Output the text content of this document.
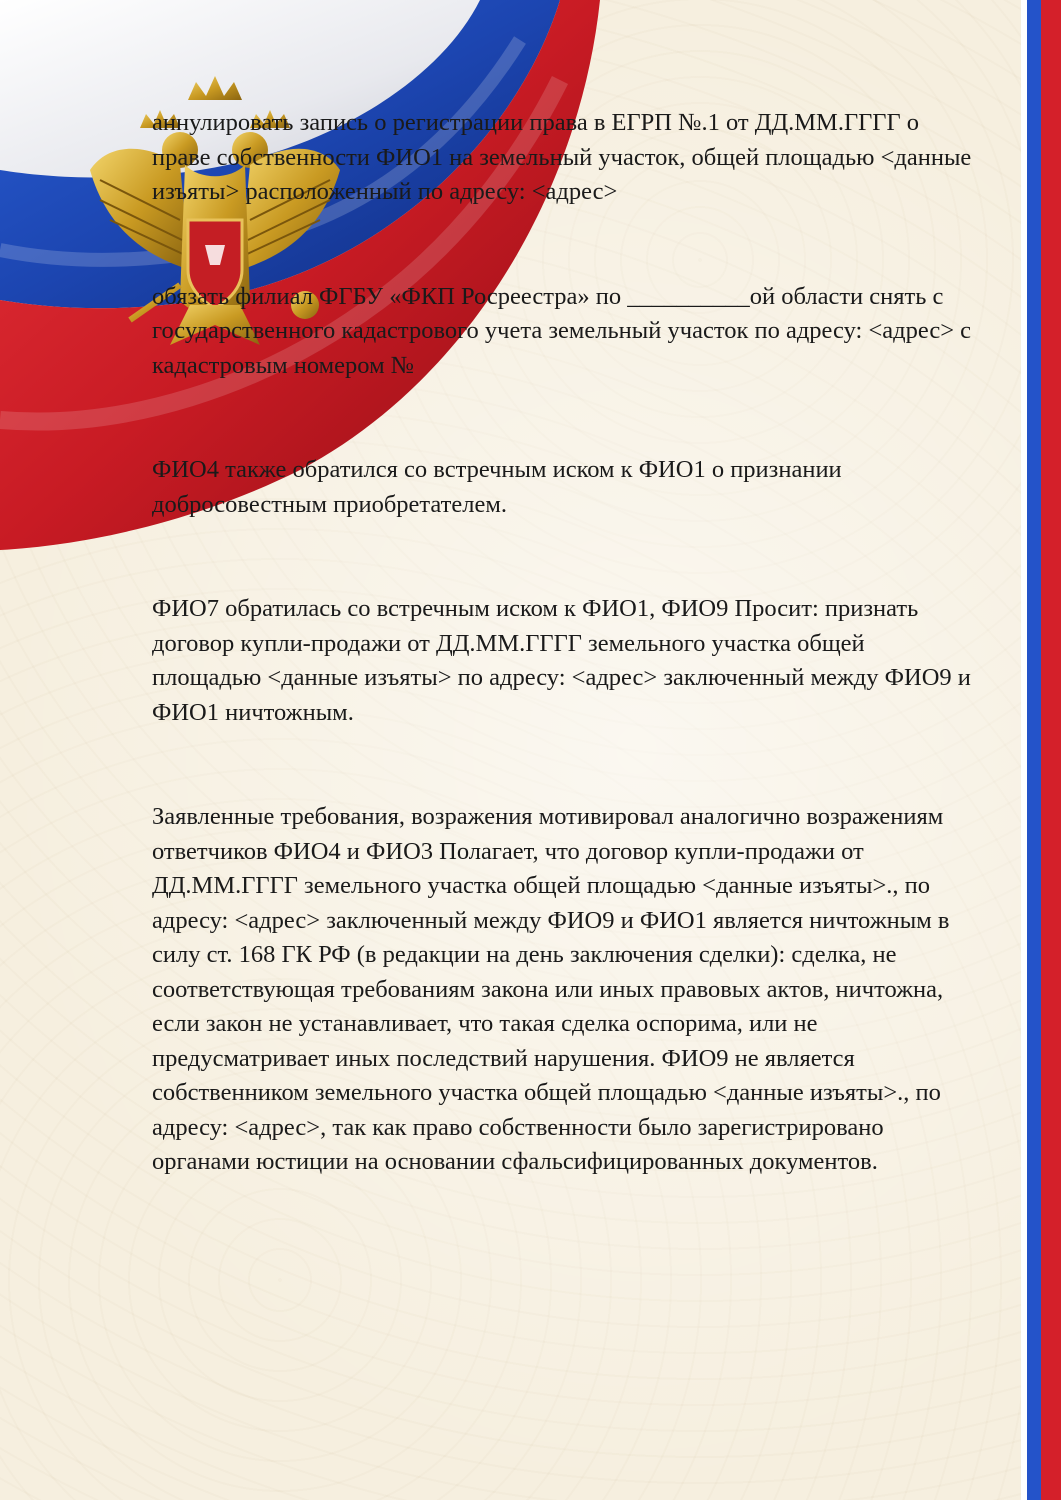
аннулировать запись о регистрации права в ЕГРП №.1 от ДД.ММ.ГГГГ о праве собственности ФИО1 на земельный участок, общей площадью <данные изъяты> расположенный по адресу: <адрес>

обязать филиал ФГБУ «ФКП Росреестра» по __________ой области снять с государственного кадастрового учета земельный участок по адресу: <адрес> с кадастровым номером №

ФИО4 также обратился со встречным иском к ФИО1 о признании добросовестным приобретателем.

ФИО7 обратилась со встречным иском к ФИО1, ФИО9 Просит: признать договор купли-продажи от ДД.ММ.ГГГГ земельного участка общей площадью <данные изъяты> по адресу: <адрес> заключенный между ФИО9 и ФИО1 ничтожным.

Заявленные требования, возражения мотивировал аналогично возражениям ответчиков ФИО4 и ФИО3 Полагает, что договор купли-продажи от ДД.ММ.ГГГГ земельного участка общей площадью <данные изъяты>., по адресу: <адрес> заключенный между ФИО9 и ФИО1 является ничтожным в силу ст. 168 ГК РФ (в редакции на день заключения сделки): сделка, не соответствующая требованиям закона или иных правовых актов, ничтожна, если закон не устанавливает, что такая сделка оспорима, или не предусматривает иных последствий нарушения. ФИО9 не является собственником земельного участка общей площадью <данные изъяты>., по адресу: <адрес>, так как право собственности было зарегистрировано органами юстиции на основании сфальсифицированных документов.
